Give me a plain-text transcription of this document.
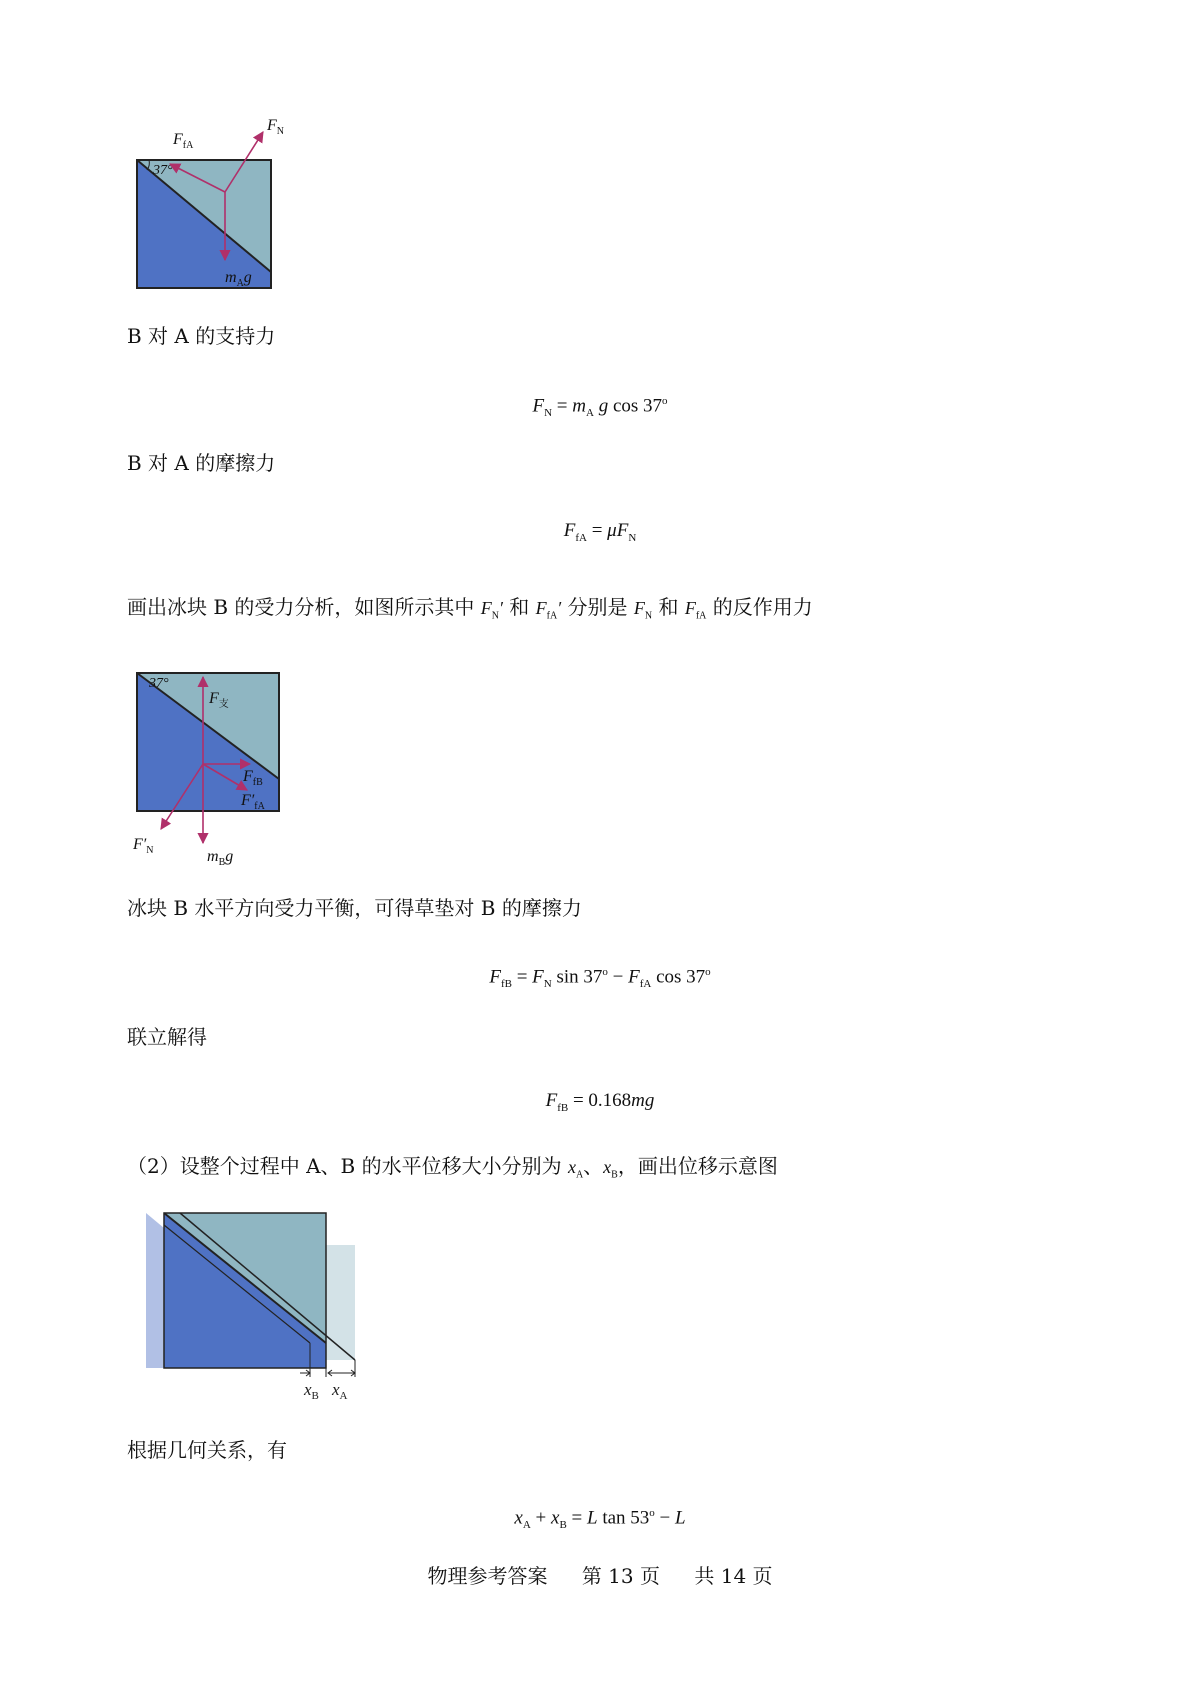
37°
$F_{fA}$
$F_N$
$m_Ag$
B 对 A 的支持力
$F_N = m_A$ g cos 37$^o$
B 对 A 的摩擦力
$F_{fA} = \mu F_N$
画出冰块 B 的受力分析，如图所示其中 $F_N'$ 和 $F_{fA}'$ 分别是 $F_N$ 和 $F_{fA}$ 的反作用力
37°
$F_支$
$F_{fB}$
$F'_{fA}$
$F'_N$	$m_Bg$
冰块 B 水平方向受力平衡，可得草垫对 B 的摩擦力
$F_{fB} = F_N$ $\sin 37^o - F_{fA}$ cos 37$^o$
联立解得
$F_{fB} = 0.168mg$
（2）设整个过程中 A、B 的水平位移大小分别为 $x_A$、$x_B$，画出位移示意图
$x_B$ $x_A$
根据几何关系，有
$x_A + x_B = L$ $\tan 53^o - L$
物理参考答案 第 13 页 共 14 页
